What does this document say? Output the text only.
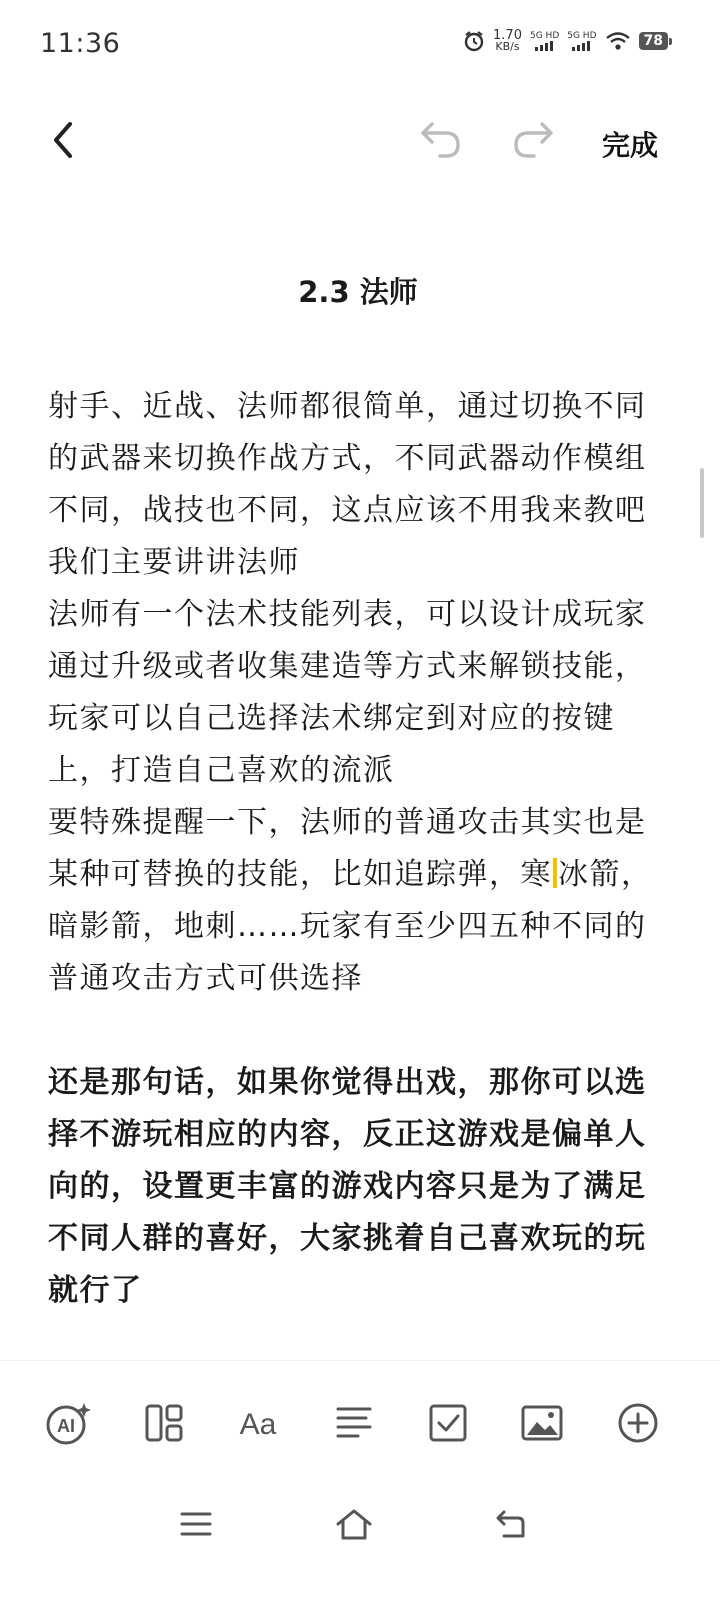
11:36	1.70
KB/s
5G HD 5G HD	78
完成
2.3 法师

射手、近战、法师都很简单，通过切换不同的武器来切换作战方式，不同武器动作模组不同，战技也不同，这点应该不用我来教吧

我们主要讲讲法师

法师有一个法术技能列表，可以设计成玩家通过升级或者收集建造等方式来解锁技能，玩家可以自己选择法术绑定到对应的按键上，打造自己喜欢的流派

要特殊提醒一下，法师的普通攻击其实也是某种可替换的技能，比如追踪弹，寒 冰箭，暗影箭，地刺……玩家有至少四五种不同的普通攻击方式可供选择

还是那句话，如果你觉得出戏，那你可以选择不游玩相应的内容，反正这游戏是偏单人向的，设置更丰富的游戏内容只是为了满足不同人群的喜好，大家挑着自己喜欢玩的玩就行了

AI	Aa
